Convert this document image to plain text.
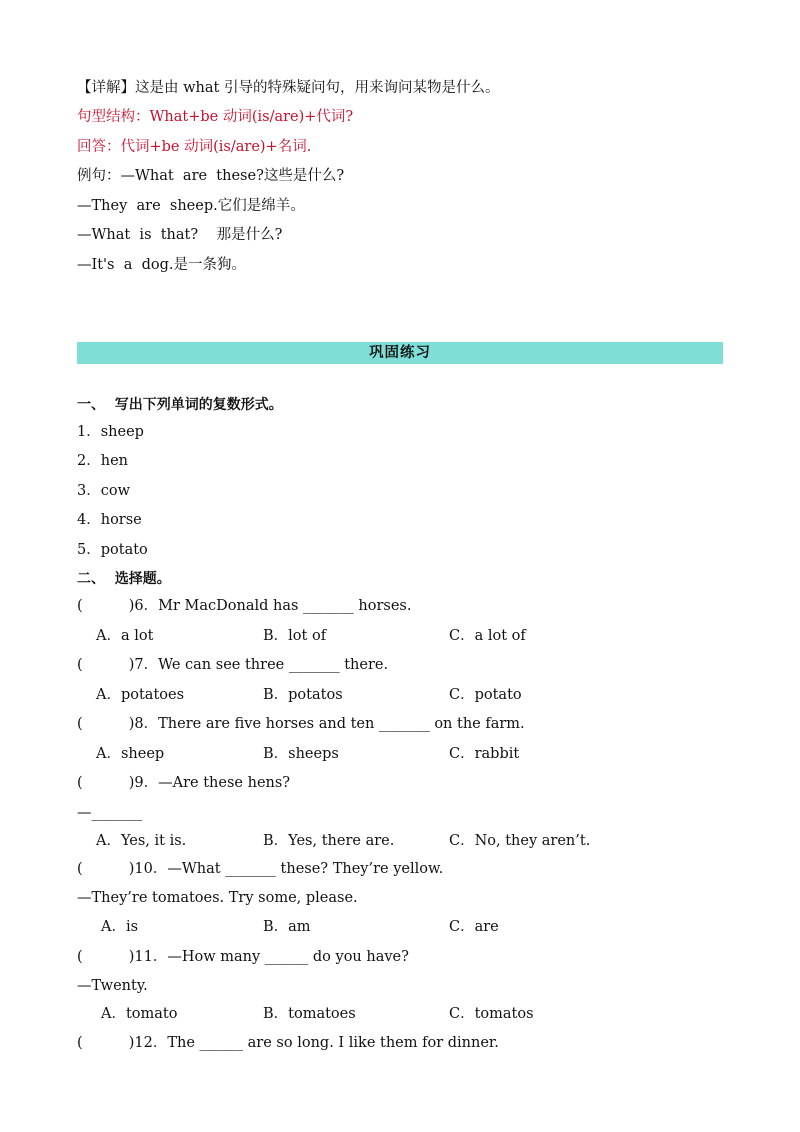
【详解】这是由 what 引导的特殊疑问句，用来询问某物是什么。
句型结构：What+be 动词(is/are)+代词?
回答：代词+be 动词(is/are)+名词.
例句：—What  are  these?这些是什么?
—They  are  sheep.它们是绵羊。
—What  is  that?    那是什么?
—It's  a  dog.是一条狗。
巩固练习
一、  写出下列单词的复数形式。
1．sheep
2．hen
3．cow
4．horse
5．potato
二、  选择题。
(          )6．Mr MacDonald has _______ horses.
A．a lot	B．lot of	C．a lot of
(          )7．We can see three _______ there.
A．potatoes	B．potatos	C．potato
(          )8．There are five horses and ten _______ on the farm.
A．sheep	B．sheeps	C．rabbit
(          )9．—Are these hens?
—_______
A．Yes, it is.	B．Yes, there are.	C．No, they aren’t.
(          )10．—What _______ these? They’re yellow.
—They’re tomatoes. Try some, please.
A．is	B．am	C．are
(          )11．—How many ______ do you have?
—Twenty.
A．tomato	B．tomatoes	C．tomatos
(          )12．The ______ are so long. I like them for dinner.
